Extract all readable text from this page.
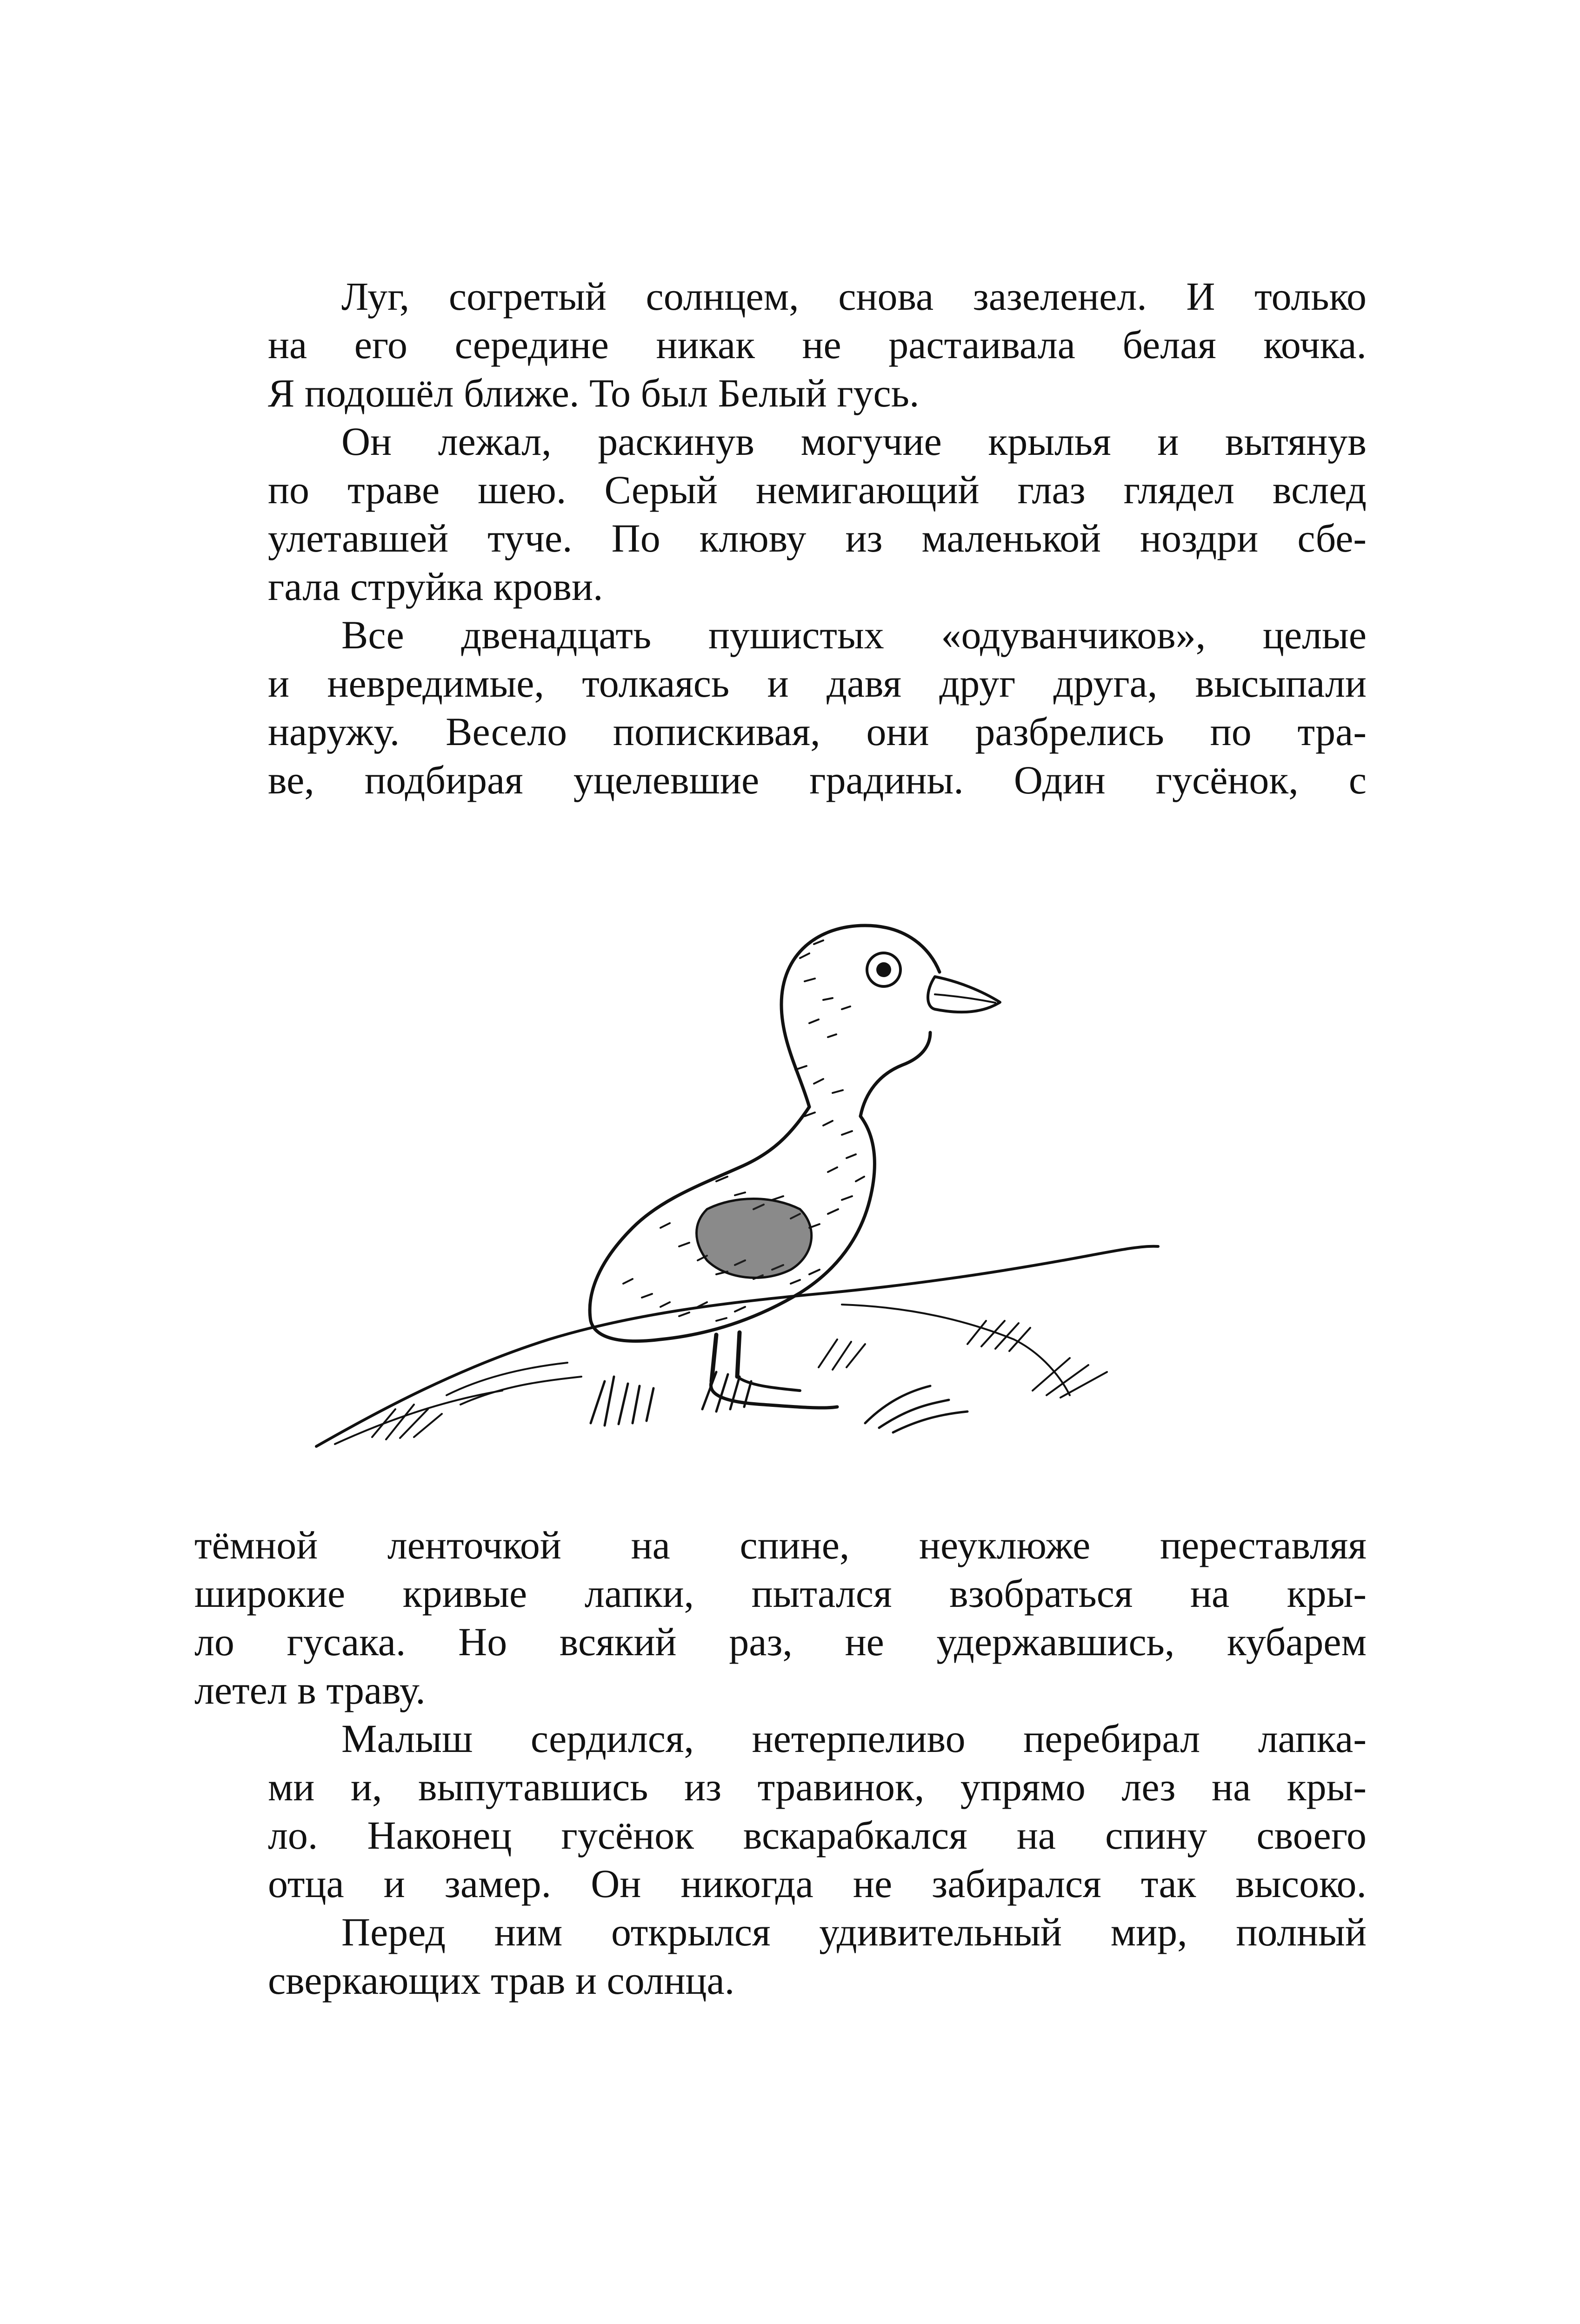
Луг, согретый солнцем, снова зазеленел. И только
на его середине никак не растаивала белая кочка.
Я подошёл ближе. То был Белый гусь.

Он лежал, раскинув могучие крылья и вытянув
по траве шею. Серый немигающий глаз глядел вслед
улетавшей туче. По клюву из маленькой ноздри сбе-
гала струйка крови.

Все двенадцать пушистых «одуванчиков», целые
и невредимые, толкаясь и давя друг друга, высыпали
наружу. Весело попискивая, они разбрелись по тра-
ве, подбирая уцелевшие градины. Один гусёнок, с

тёмной ленточкой на спине, неуклюже переставляя
широкие кривые лапки, пытался взобраться на кры-
ло гусака. Но всякий раз, не удержавшись, кубарем
летел в траву.

Малыш сердился, нетерпеливо перебирал лапка-
ми и, выпутавшись из травинок, упрямо лез на кры-
ло. Наконец гусёнок вскарабкался на спину своего
отца и замер. Он никогда не забирался так высоко.

Перед ним открылся удивительный мир, полный
сверкающих трав и солнца.
